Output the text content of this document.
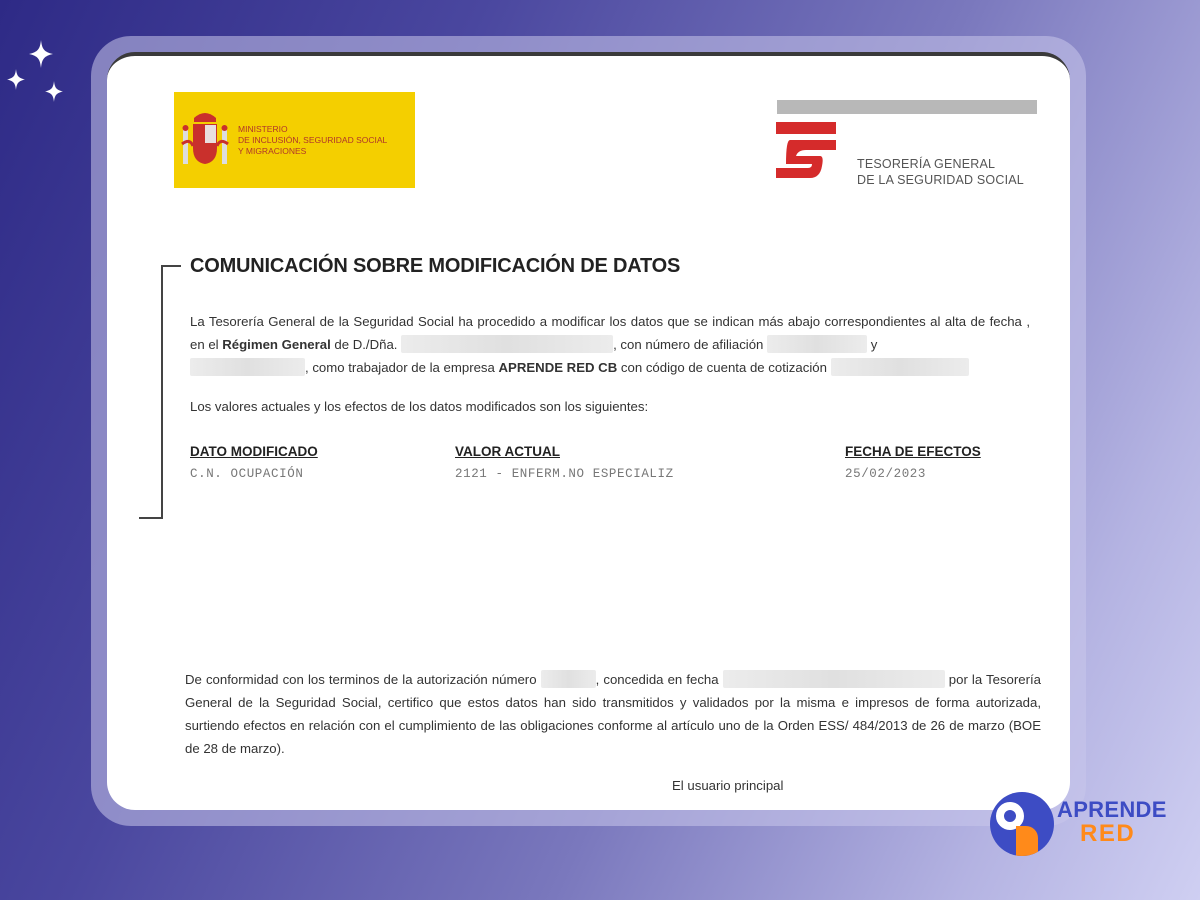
MINISTERIO
DE INCLUSIÓN, SEGURIDAD SOCIAL
Y MIGRACIONES
TESORERÍA GENERAL
DE LA SEGURIDAD SOCIAL
COMUNICACIÓN SOBRE MODIFICACIÓN DE DATOS
La Tesorería General de la Seguridad Social ha procedido a modificar los datos que se indican más abajo correspondientes al alta de fecha , en el Régimen General de D./Dña.	, con número de afiliación	y
, como trabajador de la empresa APRENDE RED CB con código de cuenta de cotización
Los valores actuales y los efectos de los datos modificados son los siguientes:
DATO MODIFICADO	VALOR ACTUAL	FECHA DE EFECTOS
C.N. OCUPACIÓN	2121 - ENFERM.NO ESPECIALIZ	25/02/2023
De conformidad con los terminos de la autorización número	, concedida en fecha	por la Tesorería General de la Seguridad Social, certifico que estos datos han sido transmitidos y validados por la misma e impresos de forma autorizada, surtiendo efectos en relación con el cumplimiento de las obligaciones conforme al artículo uno de la Orden ESS/ 484/2013 de 26 de marzo (BOE de 28 de marzo).
El usuario principal
APRENDE
RED
